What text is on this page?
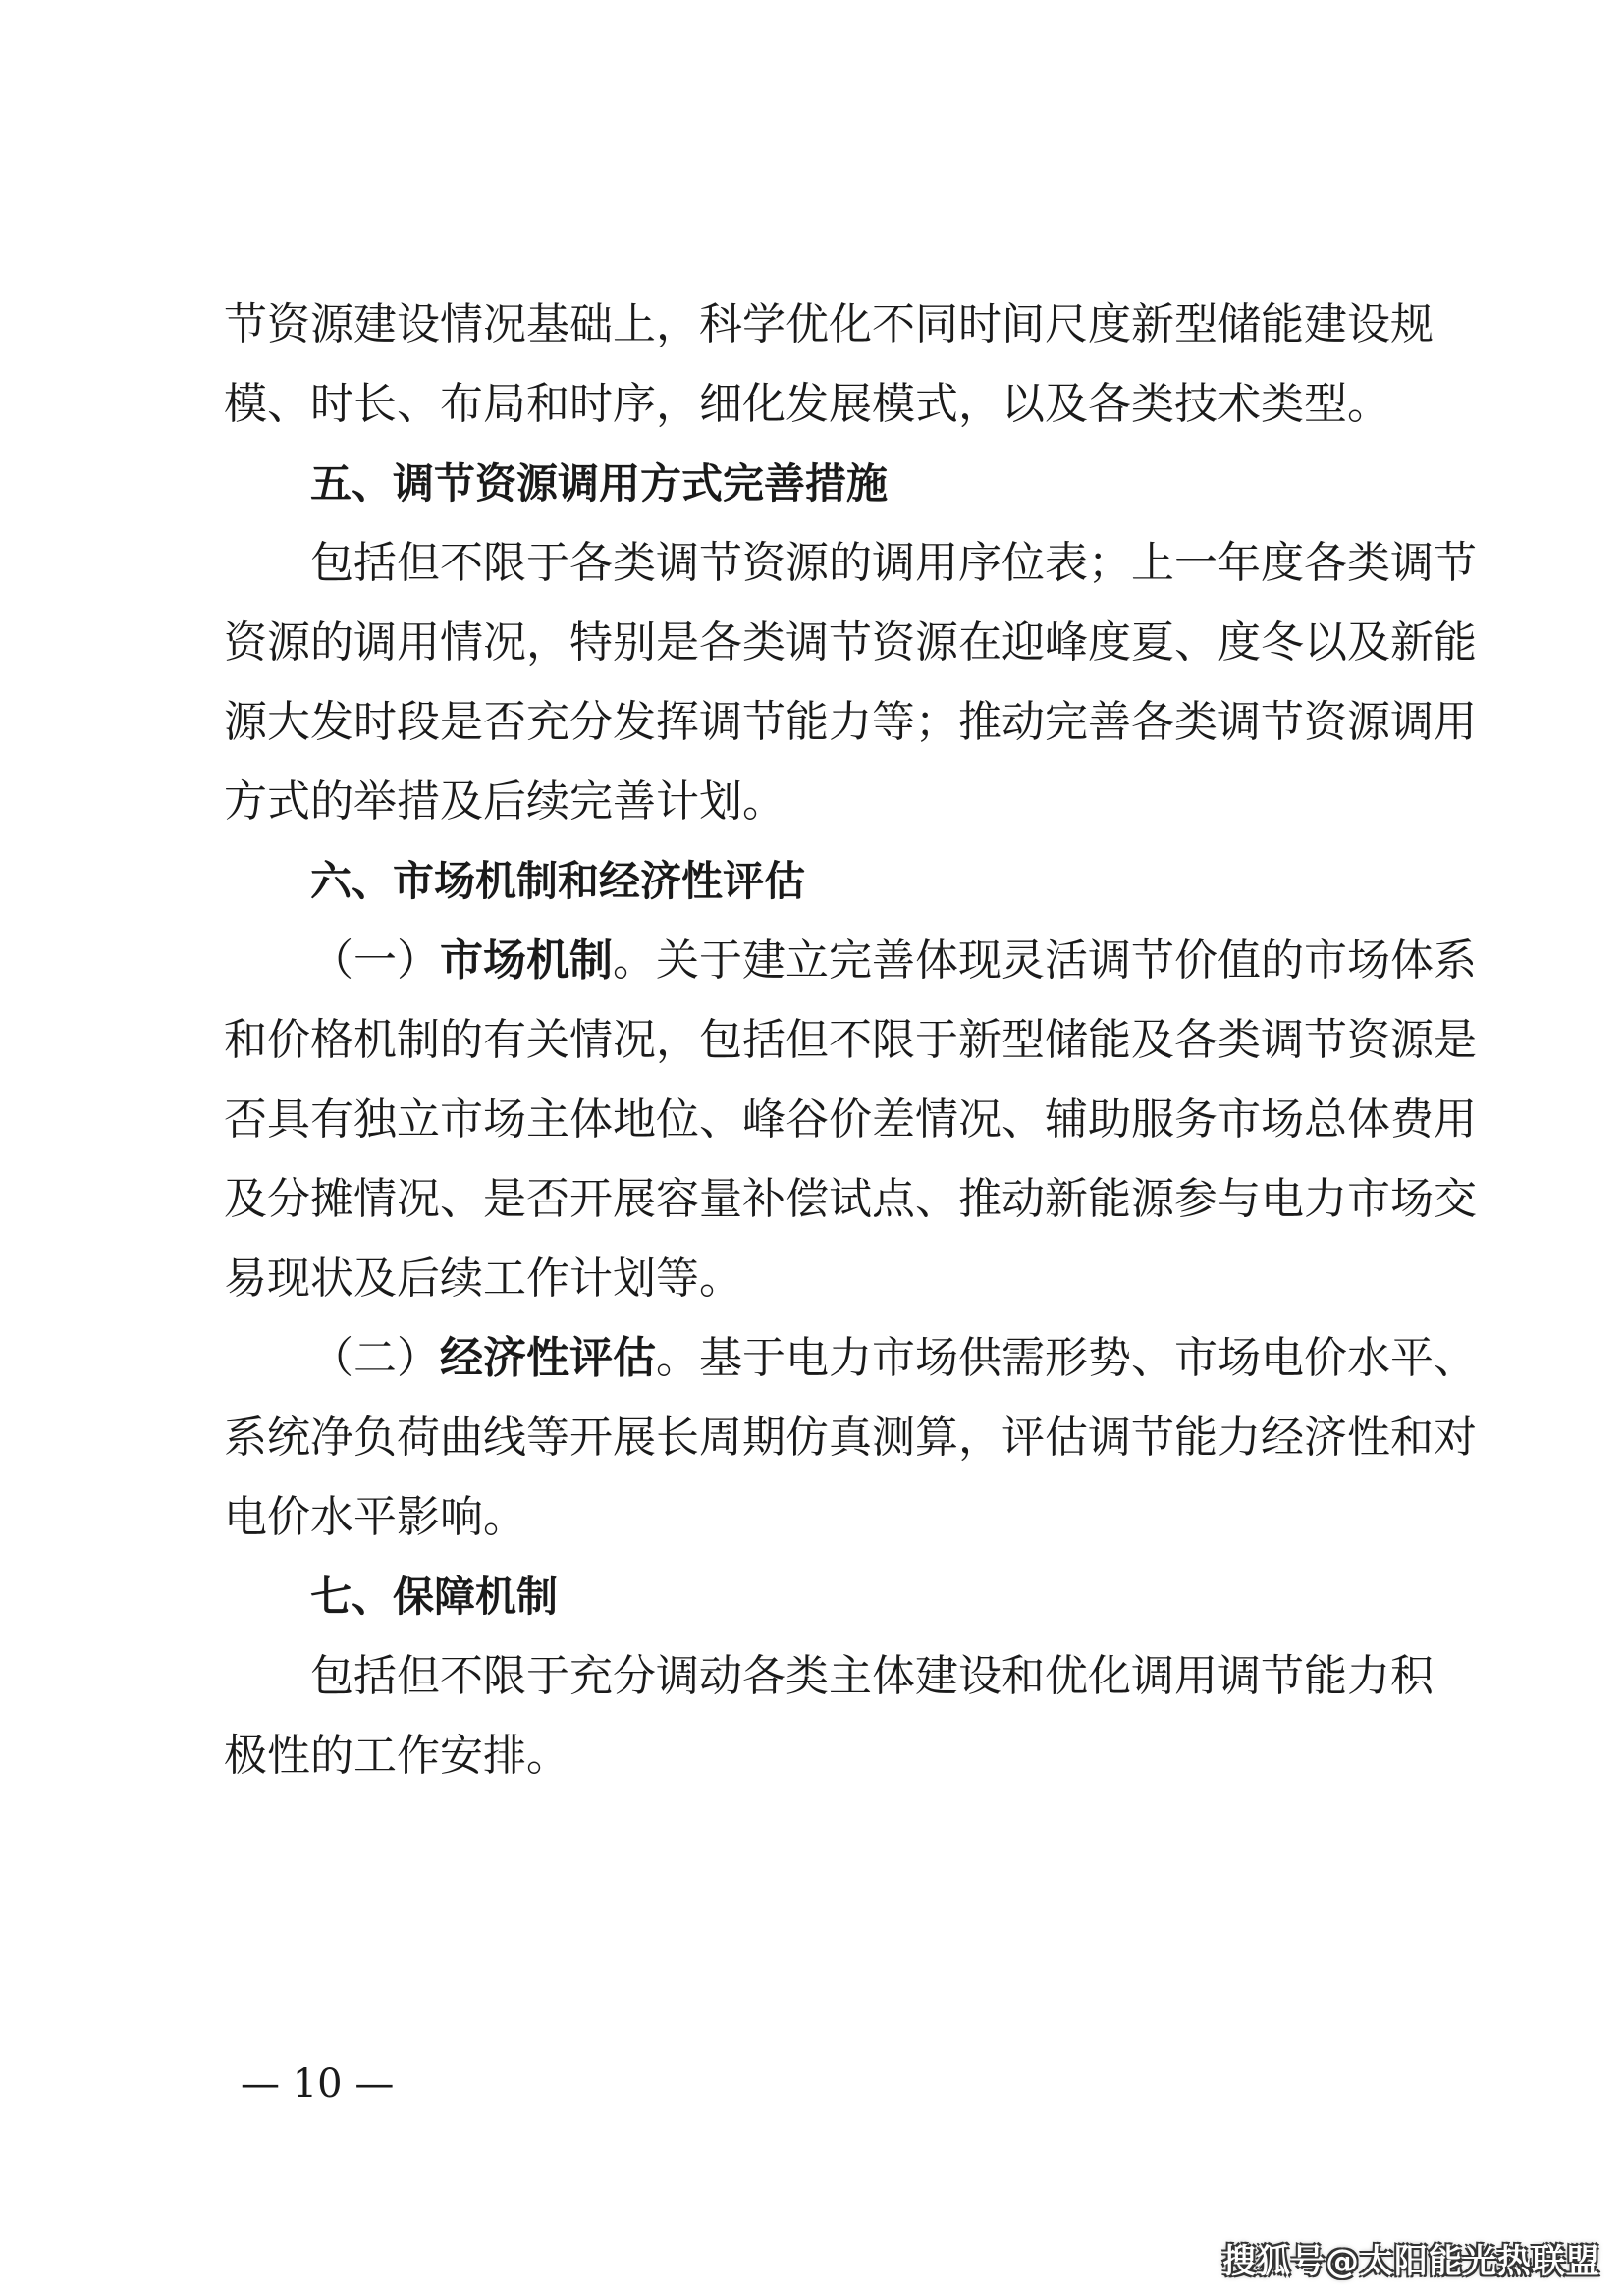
节资源建设情况基础上，科学优化不同时间尺度新型储能建设规
模、时长、布局和时序，细化发展模式，以及各类技术类型。
五、调节资源调用方式完善措施
包括但不限于各类调节资源的调用序位表；上一年度各类调节
资源的调用情况，特别是各类调节资源在迎峰度夏、度冬以及新能
源大发时段是否充分发挥调节能力等；推动完善各类调节资源调用
方式的举措及后续完善计划。
六、市场机制和经济性评估
（一）市场机制。关于建立完善体现灵活调节价值的市场体系
和价格机制的有关情况，包括但不限于新型储能及各类调节资源是
否具有独立市场主体地位、峰谷价差情况、辅助服务市场总体费用
及分摊情况、是否开展容量补偿试点、推动新能源参与电力市场交
易现状及后续工作计划等。
（二）经济性评估。基于电力市场供需形势、市场电价水平、
系统净负荷曲线等开展长周期仿真测算，评估调节能力经济性和对
电价水平影响。
七、保障机制
包括但不限于充分调动各类主体建设和优化调用调节能力积
极性的工作安排。
— 10 —
搜狐号@太阳能光热联盟
